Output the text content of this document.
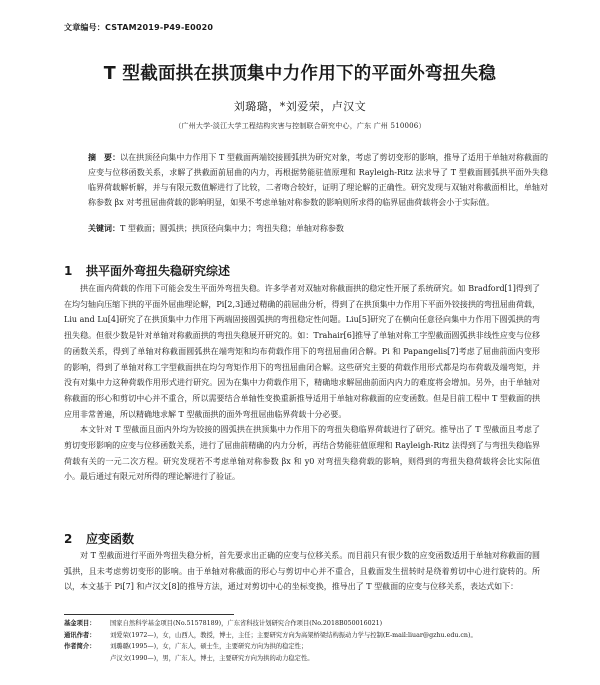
文章编号：CSTAM2019-P49-E0020
T 型截面拱在拱顶集中力作用下的平面外弯扭失稳
刘璐璐，*刘爱荣，卢汉文
（广州大学-淡江大学工程结构灾害与控制联合研究中心，广东 广州 510006）
摘　要：以在拱顶径向集中力作用下 T 型截面两端铰接圆弧拱为研究对象，考虑了剪切变形的影响，推导了适用于单轴对称截面的应变与位移函数关系，求解了拱截面前屈曲的内力，再根据势能驻值原理和 Rayleigh-Ritz 法求导了 T 型截面圆弧拱平面外失稳临界荷载解析解，并与有限元数值解进行了比较，二者吻合较好，证明了理论解的正确性。研究发现与双轴对称截面相比，单轴对称参数 βx 对考扭屈曲荷载的影响明显，如果不考虑单轴对称参数的影响则所求得的临界屈曲荷载将会小于实际值。
关键词：T 型截面；圆弧拱；拱顶径向集中力；弯扭失稳；单轴对称参数
1 拱平面外弯扭失稳研究综述

拱在面内荷载的作用下可能会发生平面外弯扭失稳。许多学者对双轴对称截面拱的稳定性开展了系统研究。如 Bradford[1]得到了在均匀轴向压缩下拱的平面外屈曲理论解，Pi[2,3]通过精确的前屈曲分析，得到了在拱顶集中力作用下平面外铰接拱的弯扭屈曲荷载，Liu and Lu[4]研究了在拱顶集中力作用下两端固接圆弧拱的弯扭稳定性问题。Liu[5]研究了在横向任意径向集中力作用下圆弧拱的弯扭失稳。但很少数是针对单轴对称截面拱的弯扭失稳展开研究的。如：Trahair[6]推导了单轴对称工字型截面圆弧拱非线性应变与位移的函数关系，得到了单轴对称截面圆弧拱在端弯矩和均布荷载作用下的弯扭屈曲闭合解。Pi 和 Papangelis[7]考虑了屈曲前面内变形的影响，得到了单轴对称工字型截面拱在均匀弯矩作用下的弯扭屈曲闭合解。这些研究主要的荷载作用形式都是均布荷载及端弯矩，并没有对集中力这种荷载作用形式进行研究。因为在集中力荷载作用下，精确地求解屈曲前面内内力的难度将会增加。另外，由于单轴对称截面的形心和剪切中心并不重合，所以需要结合单轴性变换重新推导适用于单轴对称截面的应变函数。但是目前工程中 T 型截面的拱应用非常普遍，所以精确地求解 T 型截面拱的面外弯扭屈曲临界荷载十分必要。

本文针对 T 型截面且面内外均为铰接的圆弧拱在拱顶集中力作用下的弯扭失稳临界荷载进行了研究。推导出了 T 型截面且考虑了剪切变形影响的应变与位移函数关系，进行了屈曲前精确的内力分析，再结合势能驻值原理和 Rayleigh-Ritz 法得到了与弯扭失稳临界荷载有关的一元二次方程。研究发现若不考虑单轴对称参数 βx 和 y0 对弯扭失稳荷载的影响，则得到的弯扭失稳荷载将会比实际值小。最后通过有限元对所得的理论解进行了验证。

2 应变函数

对 T 型截面进行平面外弯扭失稳分析，首先要求出正确的应变与位移关系。而目前只有很少数的应变函数适用于单轴对称截面的圆弧拱，且未考虑剪切变形的影响。由于单轴对称截面的形心与剪切中心并不重合，且截面发生扭转时是绕着剪切中心进行旋转的。所以，本文基于 Pi[7] 和卢汉文[8]的推导方法，通过对剪切中心的坐标变换，推导出了 T 型截面的应变与位移关系，表达式如下：

基金项目： 国家自然科学基金项目(No.51578189)，广东省科技计划研究合作项目(No.2018B050016021)
通讯作者： 刘爱荣(1972—)，女，山西人，教授，博士，主任；主要研究方向为高架桥梁结构振动力学与控制(E-mail:liuar@gzhu.edu.cn)。
作者简介： 刘璐璐(1995—)，女，广东人，硕士生，主要研究方向为拱的稳定性；
卢汉文(1990—)，男，广东人，博士，主要研究方向为拱的动力稳定性。
